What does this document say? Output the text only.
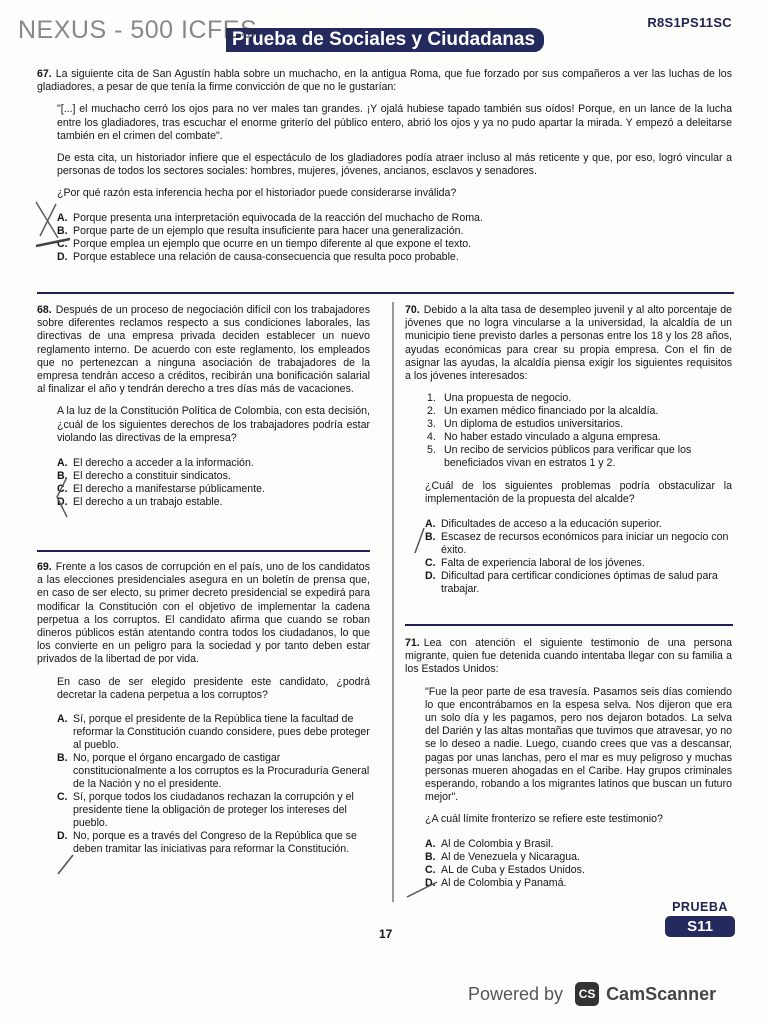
NEXUS - 500 ICFES
Prueba de Sociales y Ciudadanas
R8S1PS11SC

67. La siguiente cita de San Agustín habla sobre un muchacho, en la antigua Roma, que fue forzado por sus compañeros a ver las luchas de los gladiadores, a pesar de que tenía la firme convicción de que no le gustarían:

"[...] el muchacho cerró los ojos para no ver males tan grandes. ¡Y ojalá hubiese tapado también sus oídos! Porque, en un lance de la lucha entre los gladiadores, tras escuchar el enorme griterío del público entero, abrió los ojos y ya no pudo apartar la mirada. Y empezó a deleitarse también en el crimen del combate".

De esta cita, un historiador infiere que el espectáculo de los gladiadores podía atraer incluso al más reticente y que, por eso, logró vincular a personas de todos los sectores sociales: hombres, mujeres, jóvenes, ancianos, esclavos y senadores.

¿Por qué razón esta inferencia hecha por el historiador puede considerarse inválida?

A. Porque presenta una interpretación equivocada de la reacción del muchacho de Roma.
B. Porque parte de un ejemplo que resulta insuficiente para hacer una generalización.
C. Porque emplea un ejemplo que ocurre en un tiempo diferente al que expone el texto.
D. Porque establece una relación de causa-consecuencia que resulta poco probable.

68. Después de un proceso de negociación difícil con los trabajadores sobre diferentes reclamos respecto a sus condiciones laborales, las directivas de una empresa privada deciden establecer un nuevo reglamento interno. De acuerdo con este reglamento, los empleados que no pertenezcan a ninguna asociación de trabajadores de la empresa tendrán acceso a créditos, recibirán una bonificación salarial al finalizar el año y tendrán derecho a tres días más de vacaciones.

A la luz de la Constitución Política de Colombia, con esta decisión, ¿cuál de los siguientes derechos de los trabajadores podría estar violando las directivas de la empresa?

A. El derecho a acceder a la información.
B. El derecho a constituir sindicatos.
C. El derecho a manifestarse públicamente.
D. El derecho a un trabajo estable.

69. Frente a los casos de corrupción en el país, uno de los candidatos a las elecciones presidenciales asegura en un boletín de prensa que, en caso de ser electo, su primer decreto presidencial se expedirá para modificar la Constitución con el objetivo de implementar la cadena perpetua a los corruptos. El candidato afirma que cuando se roban dineros públicos están atentando contra todos los ciudadanos, lo que los convierte en un peligro para la sociedad y por tanto deben estar privados de la libertad de por vida.

En caso de ser elegido presidente este candidato, ¿podrá decretar la cadena perpetua a los corruptos?

A. Sí, porque el presidente de la República tiene la facultad de reformar la Constitución cuando considere, pues debe proteger al pueblo.
B. No, porque el órgano encargado de castigar constitucionalmente a los corruptos es la Procuraduría General de la Nación y no el presidente.
C. Sí, porque todos los ciudadanos rechazan la corrupción y el presidente tiene la obligación de proteger los intereses del pueblo.
D. No, porque es a través del Congreso de la República que se deben tramitar las iniciativas para reformar la Constitución.

70. Debido a la alta tasa de desempleo juvenil y al alto porcentaje de jóvenes que no logra vincularse a la universidad, la alcaldía de un municipio tiene previsto darles a personas entre los 18 y los 28 años, ayudas económicas para crear su propia empresa. Con el fin de asignar las ayudas, la alcaldía piensa exigir los siguientes requisitos a los jóvenes interesados:

1. Una propuesta de negocio.
2. Un examen médico financiado por la alcaldía.
3. Un diploma de estudios universitarios.
4. No haber estado vinculado a alguna empresa.
5. Un recibo de servicios públicos para verificar que los beneficiados vivan en estratos 1 y 2.

¿Cuál de los siguientes problemas podría obstaculizar la implementación de la propuesta del alcalde?

A. Dificultades de acceso a la educación superior.
B. Escasez de recursos económicos para iniciar un negocio con éxito.
C. Falta de experiencia laboral de los jóvenes.
D. Dificultad para certificar condiciones óptimas de salud para trabajar.

71. Lea con atención el siguiente testimonio de una persona migrante, quien fue detenida cuando intentaba llegar con su familia a los Estados Unidos:

"Fue la peor parte de esa travesía. Pasamos seis días comiendo lo que encontrábamos en la espesa selva. Nos dijeron que era un solo día y les pagamos, pero nos dejaron botados. La selva del Darién y las altas montañas que tuvimos que atravesar, yo no se lo deseo a nadie. Luego, cuando crees que vas a descansar, pagas por unas lanchas, pero el mar es muy peligroso y muchas personas mueren ahogadas en el Caribe. Hay grupos criminales esperando, robando a los migrantes latinos que buscan un futuro mejor".

¿A cuál límite fronterizo se refiere este testimonio?

A. Al de Colombia y Brasil.
B. Al de Venezuela y Nicaragua.
C. AL de Cuba y Estados Unidos.
D. Al de Colombia y Panamá.
17
PRUEBA
S11
Powered by	CS CamScanner
